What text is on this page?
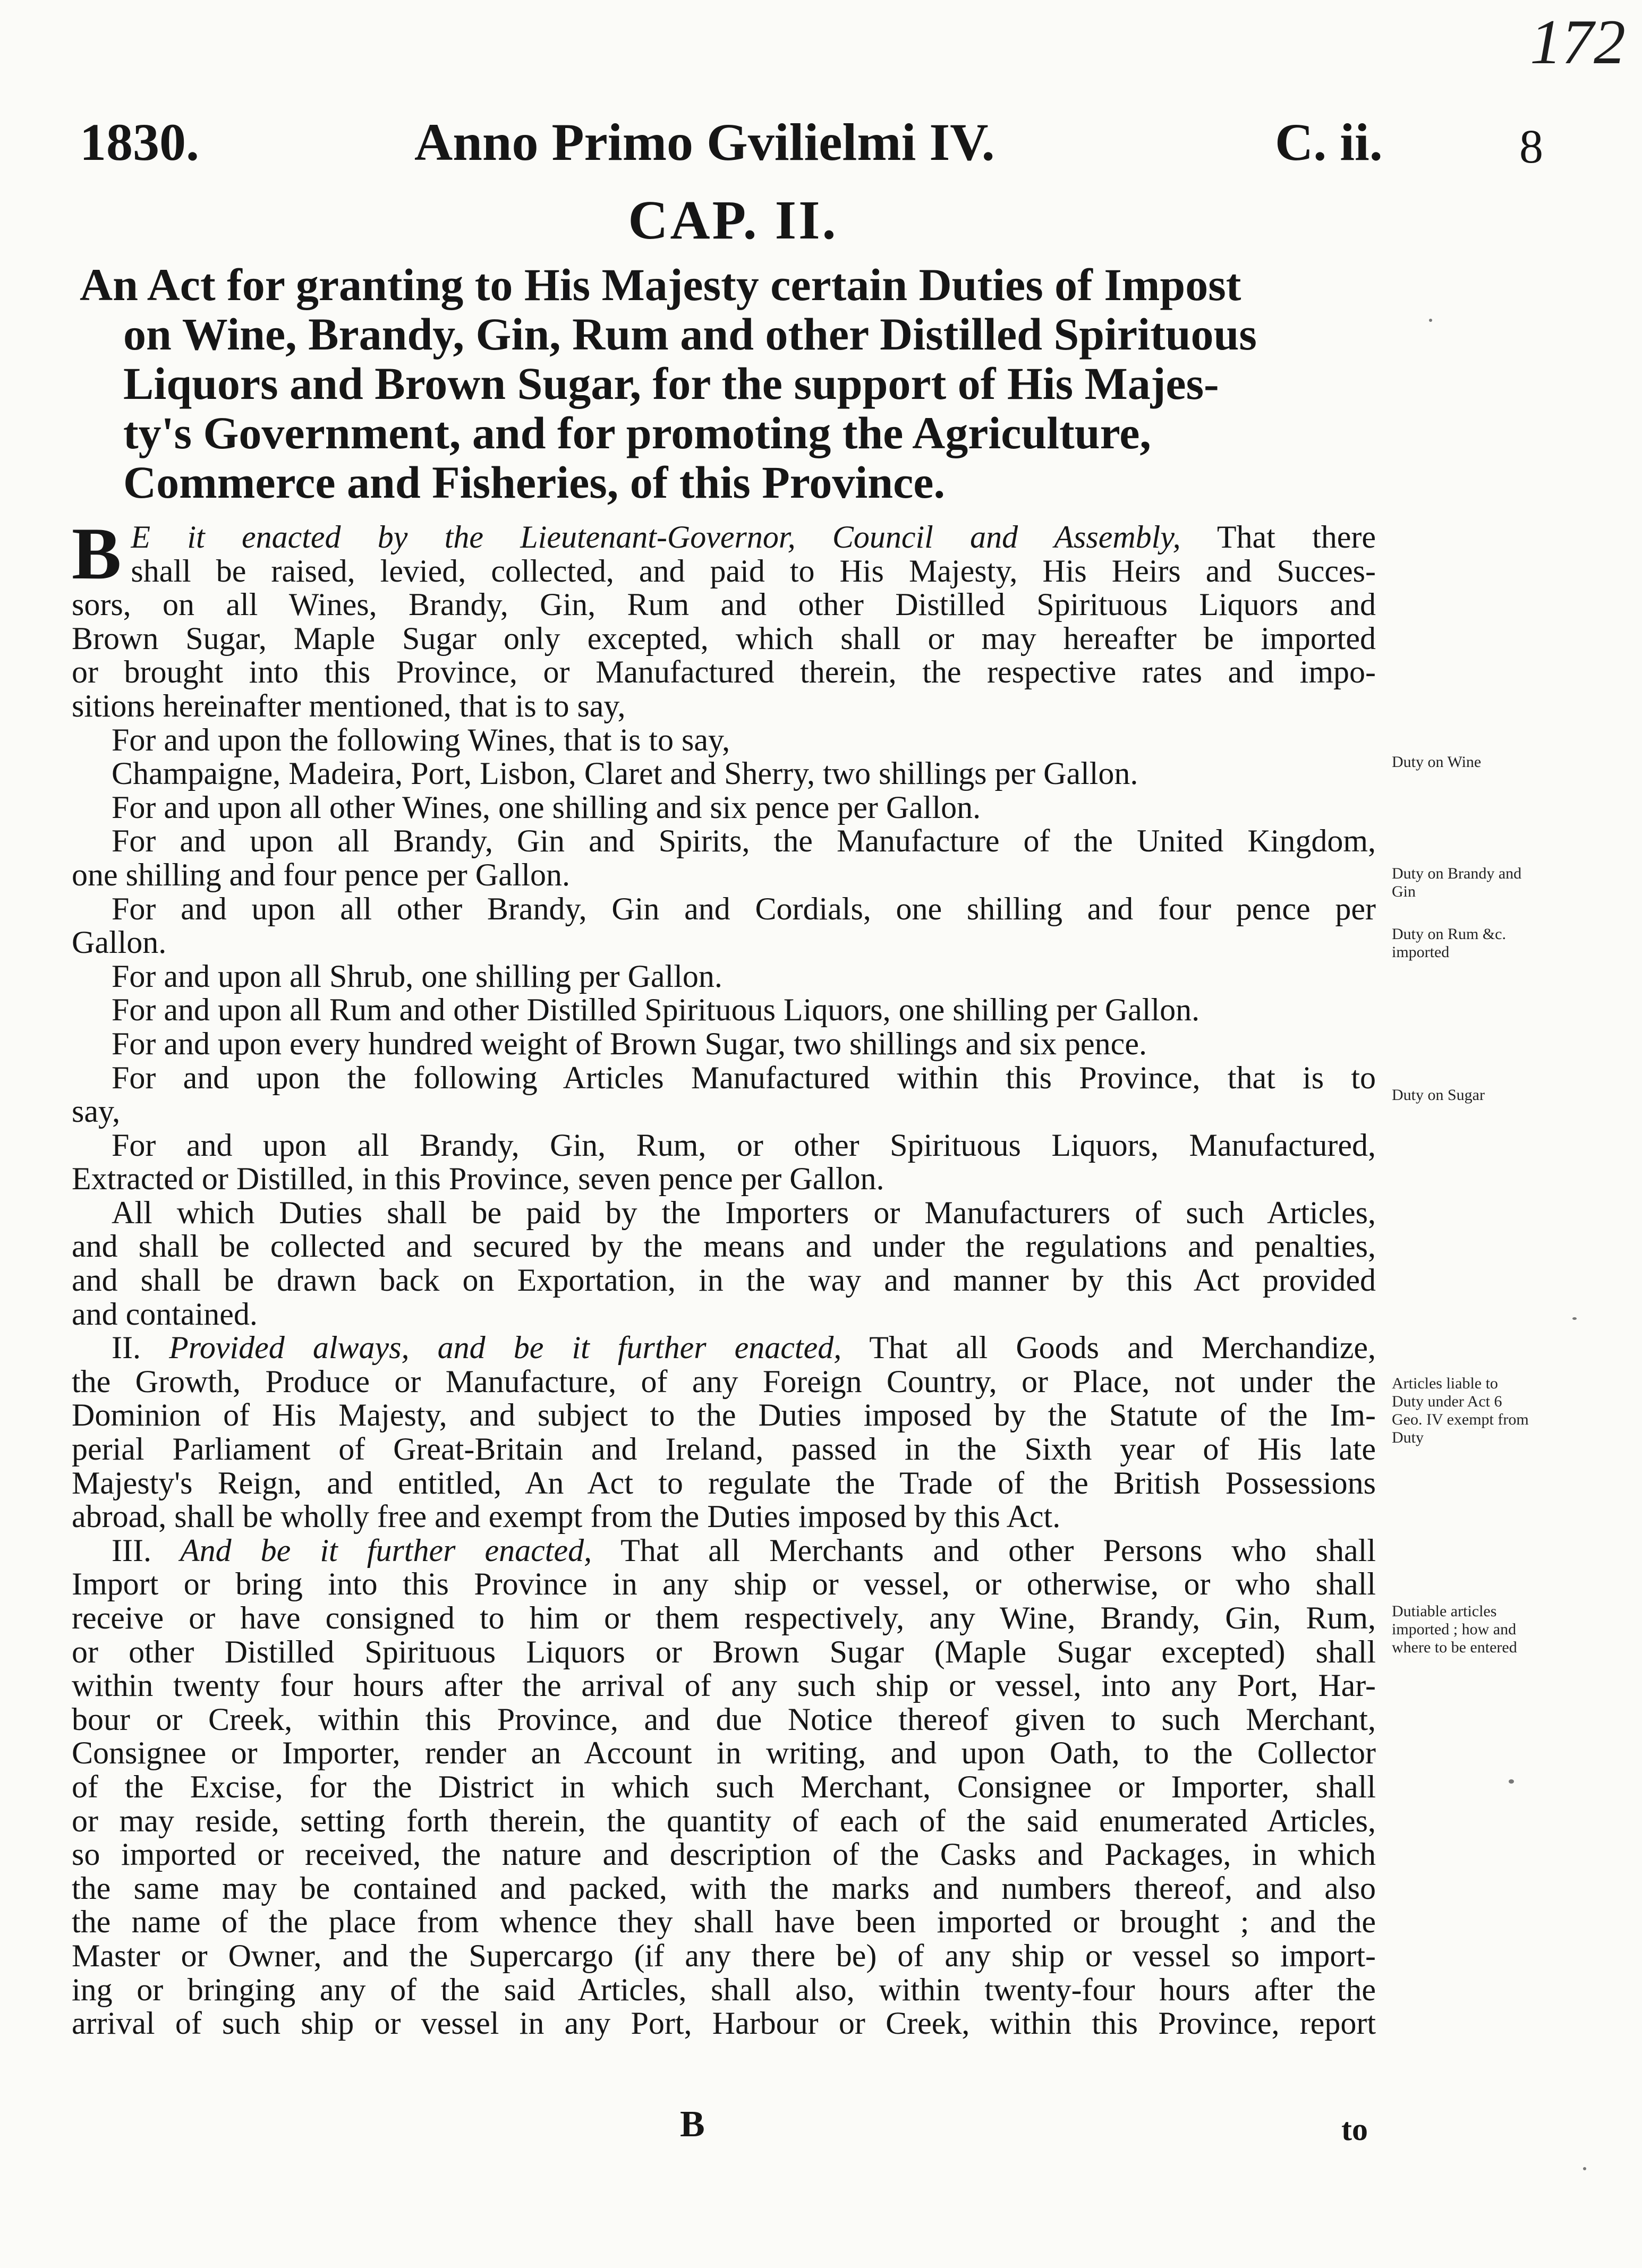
172
1830.	Anno Primo Gvilielmi IV.	C. ii.	8
CAP. II.
An Act for granting to His Majesty certain Duties of Impost
on Wine, Brandy, Gin, Rum and other Distilled Spirituous
Liquors and Brown Sugar, for the support of His Majes-
ty's Government, and for promoting the Agriculture,
Commerce and Fisheries, of this Province.
B E it enacted by the Lieutenant-Governor, Council and Assembly, That there
shall be raised, levied, collected, and paid to His Majesty, His Heirs and Succes-
sors, on all Wines, Brandy, Gin, Rum and other Distilled Spirituous Liquors and
Brown Sugar, Maple Sugar only excepted, which shall or may hereafter be imported
or brought into this Province, or Manufactured therein, the respective rates and impo-
sitions hereinafter mentioned, that is to say,
For and upon the following Wines, that is to say,
Champaigne, Madeira, Port, Lisbon, Claret and Sherry, two shillings per Gallon.
For and upon all other Wines, one shilling and six pence per Gallon.
For and upon all Brandy, Gin and Spirits, the Manufacture of the United Kingdom,
one shilling and four pence per Gallon.
For and upon all other Brandy, Gin and Cordials, one shilling and four pence per
Gallon.
For and upon all Shrub, one shilling per Gallon.
For and upon all Rum and other Distilled Spirituous Liquors, one shilling per Gallon.
For and upon every hundred weight of Brown Sugar, two shillings and six pence.
For and upon the following Articles Manufactured within this Province, that is to
say,
For and upon all Brandy, Gin, Rum, or other Spirituous Liquors, Manufactured,
Extracted or Distilled, in this Province, seven pence per Gallon.
All which Duties shall be paid by the Importers or Manufacturers of such Articles,
and shall be collected and secured by the means and under the regulations and penalties,
and shall be drawn back on Exportation, in the way and manner by this Act provided
and contained.
II. Provided always, and be it further enacted, That all Goods and Merchandize,
the Growth, Produce or Manufacture, of any Foreign Country, or Place, not under the
Dominion of His Majesty, and subject to the Duties imposed by the Statute of the Im-
perial Parliament of Great-Britain and Ireland, passed in the Sixth year of His late
Majesty's Reign, and entitled, An Act to regulate the Trade of the British Possessions
abroad, shall be wholly free and exempt from the Duties imposed by this Act.
III. And be it further enacted, That all Merchants and other Persons who shall
Import or bring into this Province in any ship or vessel, or otherwise, or who shall
receive or have consigned to him or them respectively, any Wine, Brandy, Gin, Rum,
or other Distilled Spirituous Liquors or Brown Sugar (Maple Sugar excepted) shall
within twenty four hours after the arrival of any such ship or vessel, into any Port, Har-
bour or Creek, within this Province, and due Notice thereof given to such Merchant,
Consignee or Importer, render an Account in writing, and upon Oath, to the Collector
of the Excise, for the District in which such Merchant, Consignee or Importer, shall
or may reside, setting forth therein, the quantity of each of the said enumerated Articles,
so imported or received, the nature and description of the Casks and Packages, in which
the same may be contained and packed, with the marks and numbers thereof, and also
the name of the place from whence they shall have been imported or brought ; and the
Master or Owner, and the Supercargo (if any there be) of any ship or vessel so import-
ing or bringing any of the said Articles, shall also, within twenty-four hours after the
arrival of such ship or vessel in any Port, Harbour or Creek, within this Province, report
Duty on Wine
Duty on Brandy and Gin
Duty on Rum &c. imported
Duty on Sugar
Articles liable to Duty under Act 6 Geo. IV exempt from Duty
Dutiable articles imported ; how and where to be entered
B	to
